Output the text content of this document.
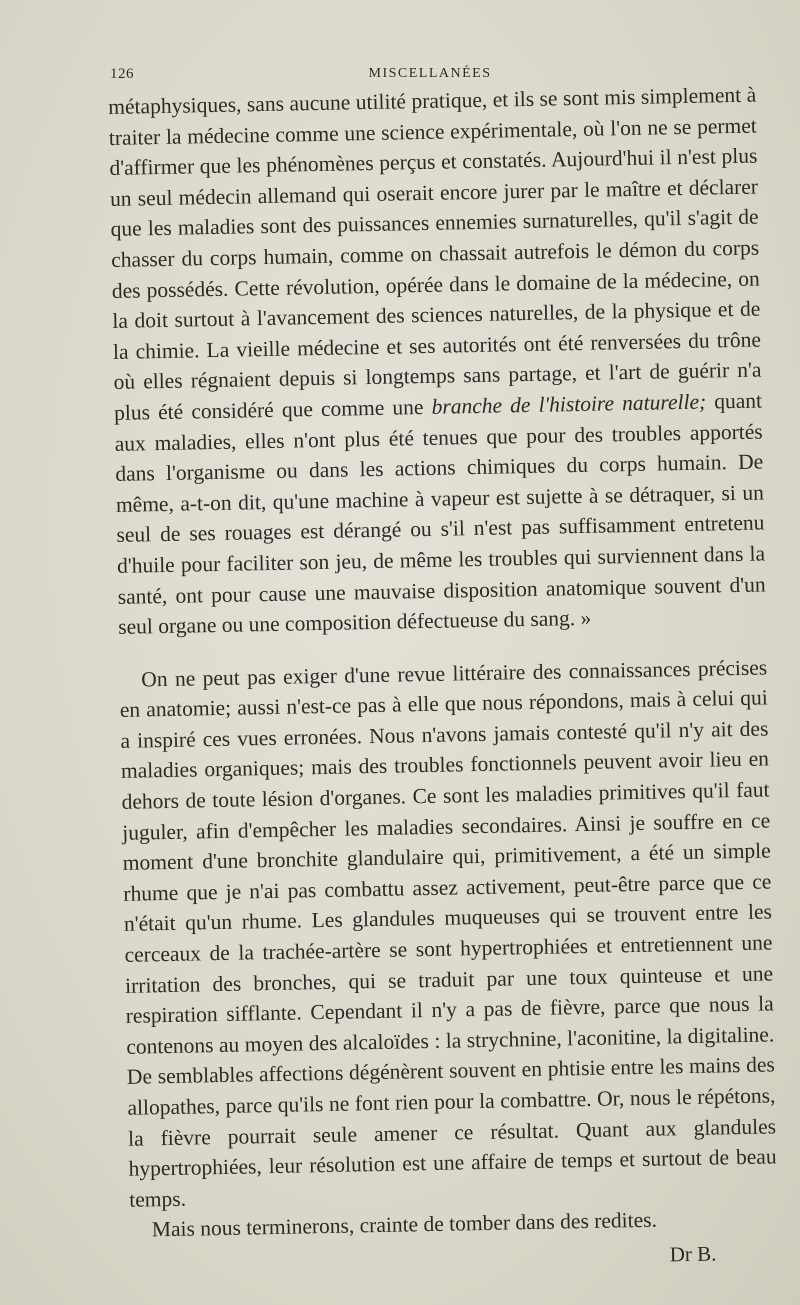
126	MISCELLANÉES

métaphysiques, sans aucune utilité pratique, et ils se sont mis simplement à traiter la médecine comme une science expérimentale, où l'on ne se permet d'affirmer que les phénomènes perçus et constatés. Aujourd'hui il n'est plus un seul médecin allemand qui oserait encore jurer par le maître et déclarer que les maladies sont des puissances ennemies surnaturelles, qu'il s'agit de chasser du corps humain, comme on chassait autrefois le démon du corps des possédés. Cette révolution, opérée dans le domaine de la médecine, on la doit surtout à l'avancement des sciences naturelles, de la physique et de la chimie. La vieille médecine et ses autorités ont été renversées du trône où elles régnaient depuis si longtemps sans partage, et l'art de guérir n'a plus été considéré que comme une branche de l'histoire naturelle; quant aux maladies, elles n'ont plus été tenues que pour des troubles apportés dans l'organisme ou dans les actions chimiques du corps humain. De même, a-t-on dit, qu'une machine à vapeur est sujette à se détraquer, si un seul de ses rouages est dérangé ou s'il n'est pas suffisamment entretenu d'huile pour faciliter son jeu, de même les troubles qui surviennent dans la santé, ont pour cause une mauvaise disposition anatomique souvent d'un seul organe ou une composition défectueuse du sang. »

On ne peut pas exiger d'une revue littéraire des connaissances précises en anatomie; aussi n'est-ce pas à elle que nous répondons, mais à celui qui a inspiré ces vues erronées. Nous n'avons jamais contesté qu'il n'y ait des maladies organiques; mais des troubles fonctionnels peuvent avoir lieu en dehors de toute lésion d'organes. Ce sont les maladies primitives qu'il faut juguler, afin d'empêcher les maladies secondaires. Ainsi je souffre en ce moment d'une bronchite glandulaire qui, primitivement, a été un simple rhume que je n'ai pas combattu assez activement, peut-être parce que ce n'était qu'un rhume. Les glandules muqueuses qui se trouvent entre les cerceaux de la trachée-artère se sont hypertrophiées et entretiennent une irritation des bronches, qui se traduit par une toux quinteuse et une respiration sifflante. Cependant il n'y a pas de fièvre, parce que nous la contenons au moyen des alcaloïdes : la strychnine, l'aconitine, la digitaline. De semblables affections dégénèrent souvent en phtisie entre les mains des allopathes, parce qu'ils ne font rien pour la combattre. Or, nous le répétons, la fièvre pourrait seule amener ce résultat. Quant aux glandules hypertrophiées, leur résolution est une affaire de temps et surtout de beau temps.

Mais nous terminerons, crainte de tomber dans des redites.

Dr B.
